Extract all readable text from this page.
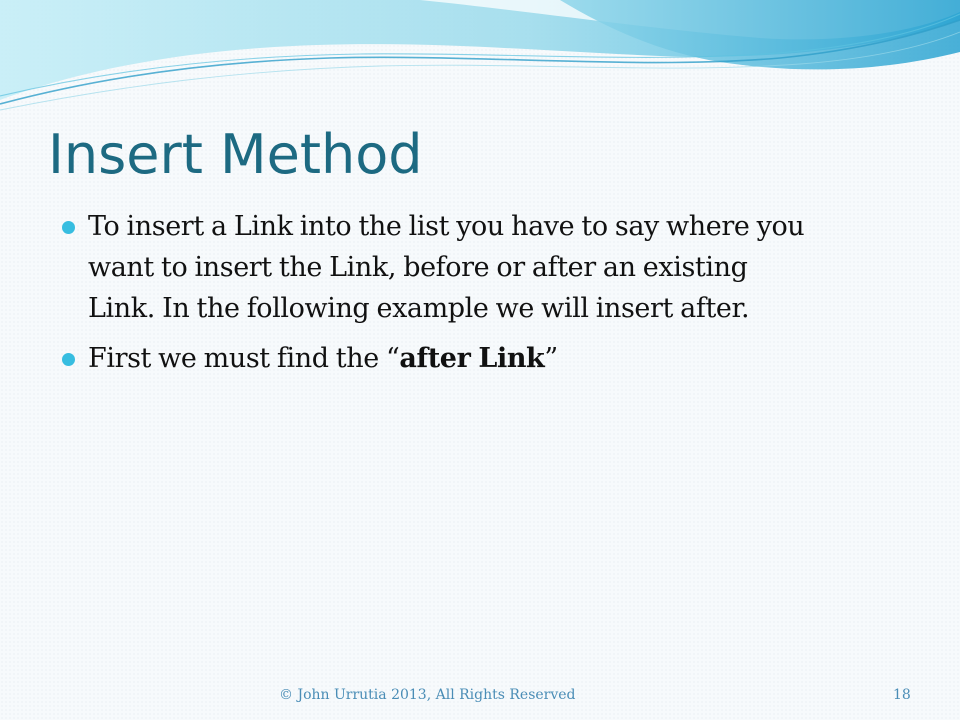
Insert Method
To insert a Link into the list you have to say where you
want to insert the Link, before or after an existing
Link. In the following example we will insert after.
First we must find the “after Link”
© John Urrutia 2013, All Rights Reserved	18
